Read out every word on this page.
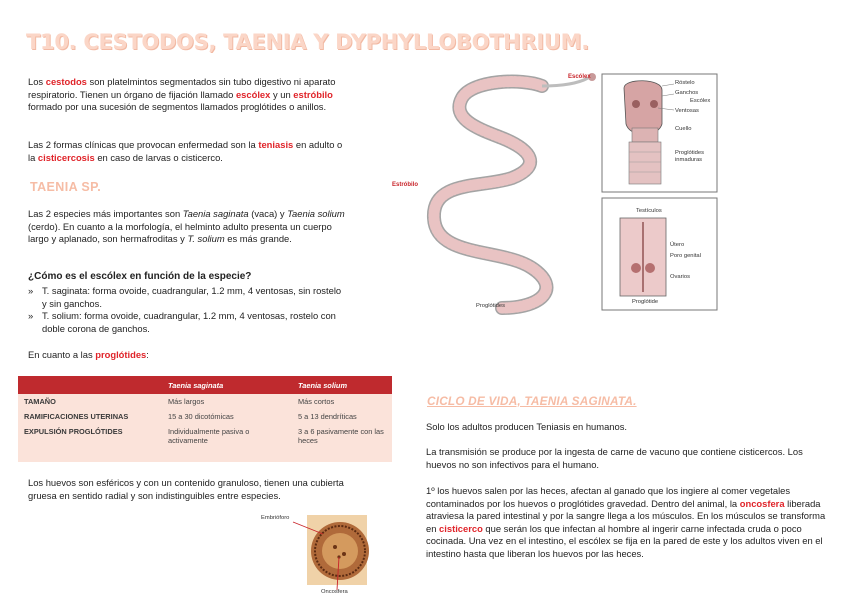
T10. CESTODOS, TAENIA Y DYPHYLLOBOTHRIUM.
Los cestodos son platelmintos segmentados sin tubo digestivo ni aparato respiratorio. Tienen un órgano de fijación llamado escólex y un estróbilo formado por una sucesión de segmentos llamados proglótides o anillos.
Las 2 formas clínicas que provocan enfermedad son la teniasis en adulto o la cisticercosis en caso de larvas o cisticerco.
TAENIA SP.
Las 2 especies más importantes son Taenia saginata (vaca) y Taenia solium (cerdo). En cuanto a la morfología, el helminto adulto presenta un cuerpo largo y aplanado, son hermafroditas y T. solium es más grande.
¿Cómo es el escólex en función de la especie?
» T. saginata: forma ovoide, cuadrangular, 1.2 mm, 4 ventosas, sin rostelo y sin ganchos.
» T. solium: forma ovoide, cuadrangular, 1.2 mm, 4 ventosas, rostelo con doble corona de ganchos.
En cuanto a las proglótides:
	Taenia saginata	Taenia solium
TAMAÑO	Más largos	Más cortos
RAMIFICACIONES UTERINAS	15 a 30 dicotómicas	5 a 13 dendríticas
EXPULSIÓN PROGLÓTIDES	Individualmente pasiva o activamente	3 a 6 pasivamente con las heces
Los huevos son esféricos y con un contenido granuloso, tienen una cubierta gruesa en sentido radial y son indistinguibles entre especies.
Embrióforo
Oncosfera
Escólex
Estróbilo
Proglótides
Róstelo
Ganchos
Ventosas
Cuello
Proglótides inmaduras
Escólex
Testículos
Útero
Poro genital
Ovarios
Proglótide
CICLO DE VIDA, TAENIA SAGINATA.
Solo los adultos producen Teniasis en humanos.
La transmisión se produce por la ingesta de carne de vacuno que contiene cisticercos. Los huevos no son infectivos para el humano.
1º los huevos salen por las heces, afectan al ganado que los ingiere al comer vegetales contaminados por los huevos o proglótides gravedad. Dentro del animal, la oncosfera liberada atraviesa la pared intestinal y por la sangre llega a los músculos. En los músculos se transforma en cisticerco que serán los que infectan al hombre al ingerir carne infectada cruda o poco cocinada. Una vez en el intestino, el escólex se fija en la pared de este y los adultos viven en el intestino hasta que liberan los huevos por las heces.
